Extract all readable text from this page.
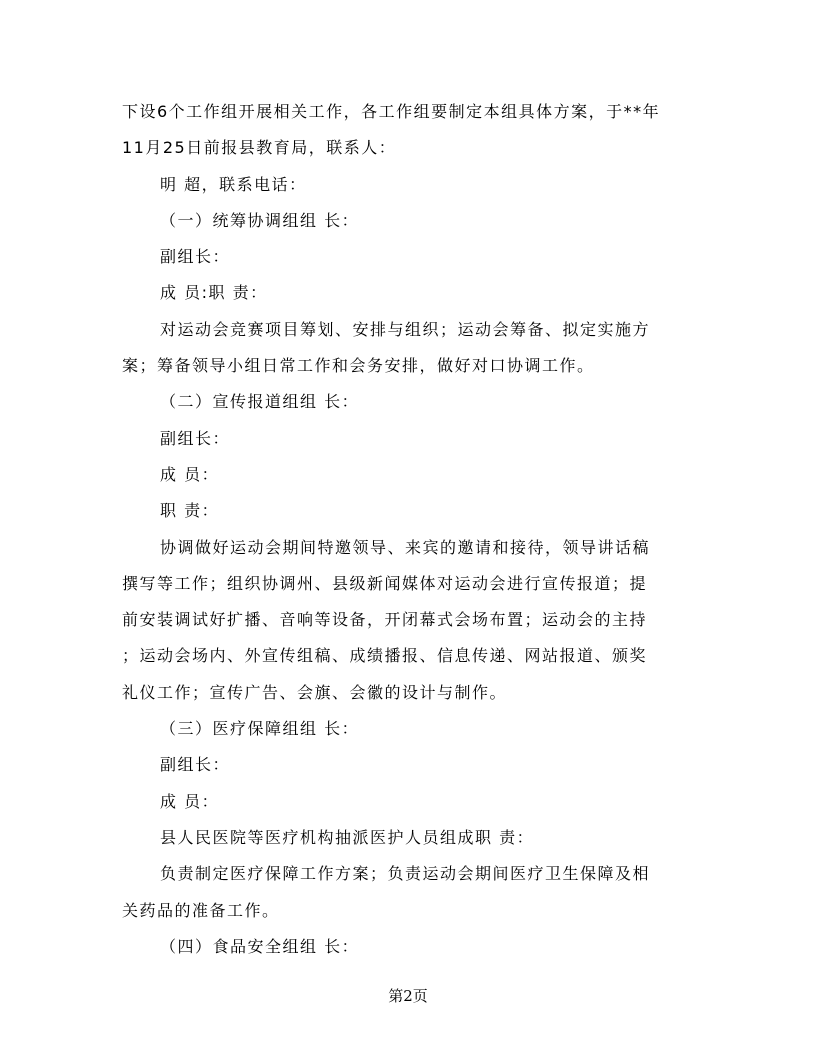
下设6个工作组开展相关工作，各工作组要制定本组具体方案，于**年
11月25日前报县教育局，联系人：
明 超，联系电话：
（一）统筹协调组组 长：
副组长：
成 员:职 责：
对运动会竞赛项目筹划、安排与组织；运动会筹备、拟定实施方
案；筹备领导小组日常工作和会务安排，做好对口协调工作。
（二）宣传报道组组 长：
副组长：
成 员：
职 责：
协调做好运动会期间特邀领导、来宾的邀请和接待，领导讲话稿
撰写等工作；组织协调州、县级新闻媒体对运动会进行宣传报道；提
前安装调试好扩播、音响等设备，开闭幕式会场布置；运动会的主持
；运动会场内、外宣传组稿、成绩播报、信息传递、网站报道、颁奖
礼仪工作；宣传广告、会旗、会徽的设计与制作。
（三）医疗保障组组 长：
副组长：
成 员：
县人民医院等医疗机构抽派医护人员组成职 责：
负责制定医疗保障工作方案；负责运动会期间医疗卫生保障及相
关药品的准备工作。
（四）食品安全组组 长：
第2页
